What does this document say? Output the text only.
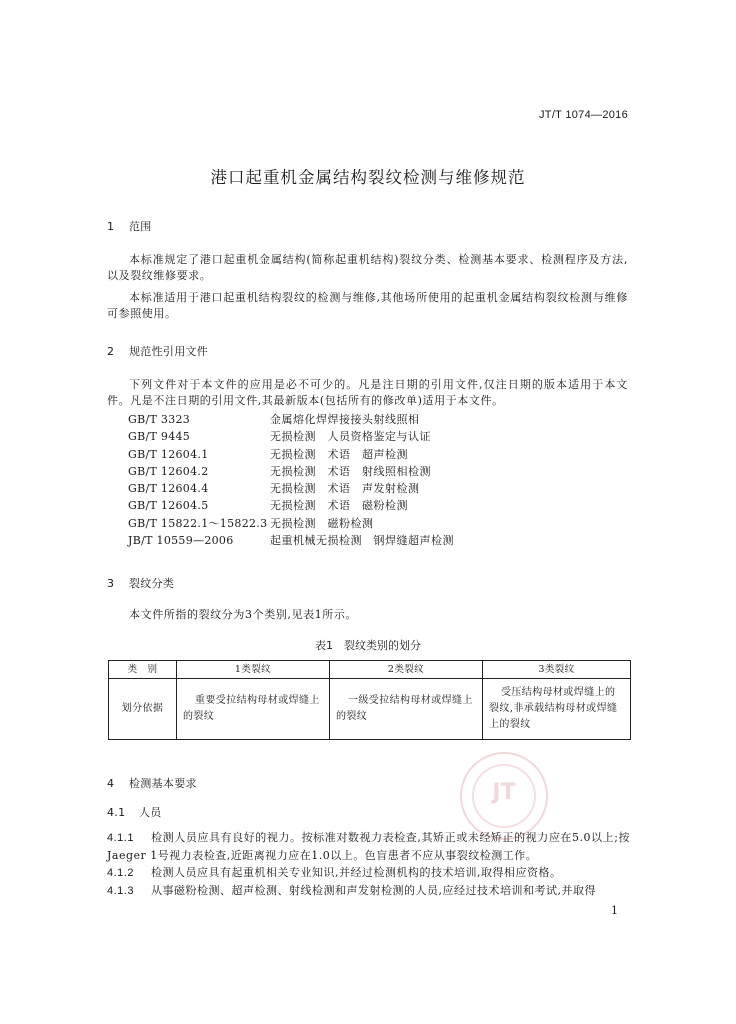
JT/T 1074—2016
港口起重机金属结构裂纹检测与维修规范
1 范围
本标准规定了港口起重机金属结构(简称起重机结构)裂纹分类、检测基本要求、检测程序及方法,以及裂纹维修要求。
本标准适用于港口起重机结构裂纹的检测与维修,其他场所使用的起重机金属结构裂纹检测与维修可参照使用。
2 规范性引用文件
下列文件对于本文件的应用是必不可少的。凡是注日期的引用文件,仅注日期的版本适用于本文件。凡是不注日期的引用文件,其最新版本(包括所有的修改单)适用于本文件。
GB/T 3323	金属熔化焊焊接接头射线照相
GB/T 9445	无损检测　人员资格鉴定与认证
GB/T 12604.1	无损检测　术语　超声检测
GB/T 12604.2	无损检测　术语　射线照相检测
GB/T 12604.4	无损检测　术语　声发射检测
GB/T 12604.5	无损检测　术语　磁粉检测
GB/T 15822.1～15822.3 无损检测　磁粉检测
JB/T 10559—2006	起重机械无损检测　钢焊缝超声检测
3 裂纹分类
本文件所指的裂纹分为3个类别,见表1所示。
表1　裂纹类别的划分
类　别	1类裂纹	2类裂纹	3类裂纹
划分依据	重要受拉结构母材或焊缝上的裂纹	一级受拉结构母材或焊缝上的裂纹	受压结构母材或焊缝上的裂纹,非承载结构母材或焊缝上的裂纹
JT
4 检测基本要求
4.1 人员
4.1.1 检测人员应具有良好的视力。按标准对数视力表检查,其矫正或未经矫正的视力应在5.0以上;按Jaeger 1号视力表检查,近距离视力应在1.0以上。色盲患者不应从事裂纹检测工作。
4.1.2 检测人员应具有起重机相关专业知识,并经过检测机构的技术培训,取得相应资格。
4.1.3 从事磁粉检测、超声检测、射线检测和声发射检测的人员,应经过技术培训和考试,并取得
1
